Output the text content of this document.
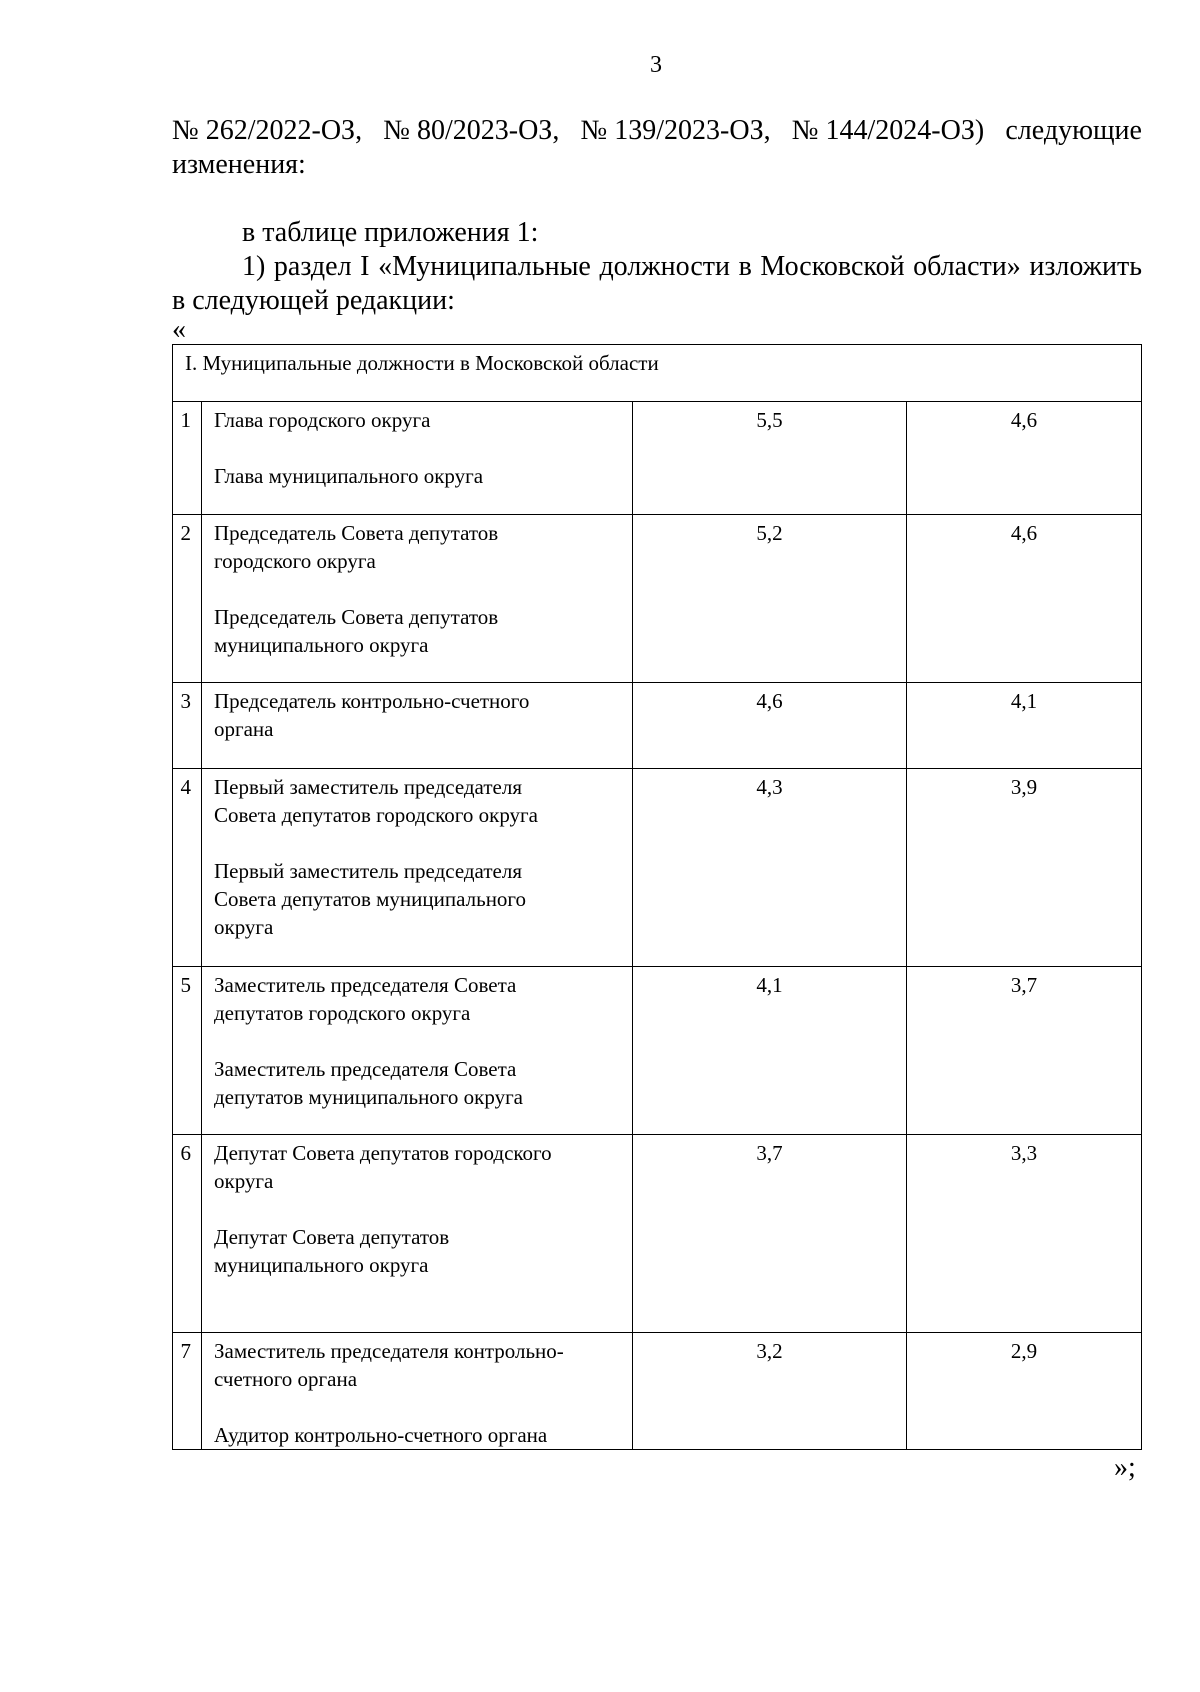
3
№ 262/2022-ОЗ, № 80/2023-ОЗ, № 139/2023-ОЗ, № 144/2024-ОЗ) следующие
изменения:
в таблице приложения 1:
1) раздел I «Муниципальные должности в Московской области» изложить
в следующей редакции:
«
I. Муниципальные должности в Московской области			
1	Глава городского округа
Глава муниципального округа	5,5	4,6
2	Председатель Совета депутатов
городского округа
Председатель Совета депутатов
муниципального округа	5,2	4,6
3	Председатель контрольно-счетного
органа	4,6	4,1
4	Первый заместитель председателя
Совета депутатов городского округа
Первый заместитель председателя
Совета депутатов муниципального
округа	4,3	3,9
5	Заместитель председателя Совета
депутатов городского округа
Заместитель председателя Совета
депутатов муниципального округа	4,1	3,7
6	Депутат Совета депутатов городского
округа
Депутат Совета депутатов
муниципального округа	3,7	3,3
7	Заместитель председателя контрольно-
счетного органа
Аудитор контрольно-счетного органа	3,2	2,9
»;
